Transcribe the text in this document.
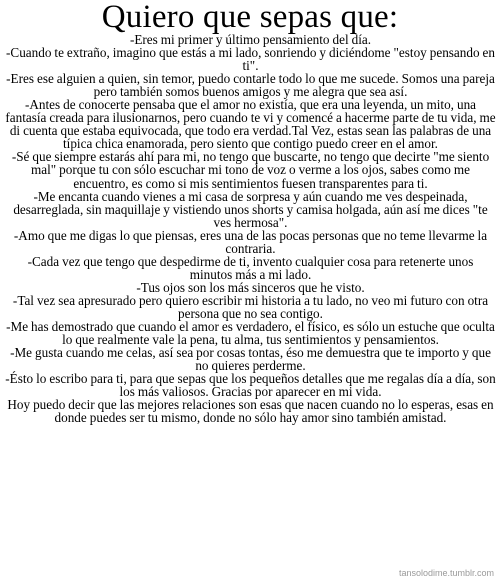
Quiero que sepas que:

-Eres mi primer y último pensamiento del día.

-Cuando te extraño, imagino que estás a mi lado, sonriendo y diciéndome "estoy pensando en ti".

-Eres ese alguien a quien, sin temor, puedo contarle todo lo que me sucede. Somos una pareja pero también somos buenos amigos y me alegra que sea así.

-Antes de conocerte pensaba que el amor no existía, que era una leyenda, un mito, una fantasía creada para ilusionarnos, pero cuando te vi y comencé a hacerme parte de tu vida, me di cuenta que estaba equivocada, que todo era verdad.Tal Vez, estas sean las palabras de una típica chica enamorada, pero siento que contigo puedo creer en el amor.

-Sé que siempre estarás ahí para mi, no tengo que buscarte, no tengo que decirte "me siento mal" porque tu con sólo escuchar mi tono de voz o verme a los ojos, sabes como me encuentro, es como si mis sentimientos fuesen transparentes para ti.

-Me encanta cuando vienes a mi casa de sorpresa y aún cuando me ves despeinada, desarreglada, sin maquillaje y vistiendo unos shorts y camisa holgada, aún así me dices "te ves hermosa".

-Amo que me digas lo que piensas, eres una de las pocas personas que no teme llevarme la contraria.

-Cada vez que tengo que despedirme de ti, invento cualquier cosa para retenerte unos minutos más a mi lado.

-Tus ojos son los más sinceros que he visto.

-Tal vez sea apresurado pero quiero escribir mi historia a tu lado, no veo mi futuro con otra persona que no sea contigo.

-Me has demostrado que cuando el amor es verdadero, el físico, es sólo un estuche que oculta lo que realmente vale la pena, tu alma, tus sentimientos y pensamientos.

-Me gusta cuando me celas, así sea por cosas tontas, éso me demuestra que te importo y que no quieres perderme.

-Ésto lo escribo para ti, para que sepas que los pequeños detalles que me regalas día a día, son los más valiosos. Gracias por aparecer en mi vida.

Hoy puedo decir que las mejores relaciones son esas que nacen cuando no lo esperas, esas en donde puedes ser tu mismo, donde no sólo hay amor sino también amistad.

tansolodime.tumblr.com
